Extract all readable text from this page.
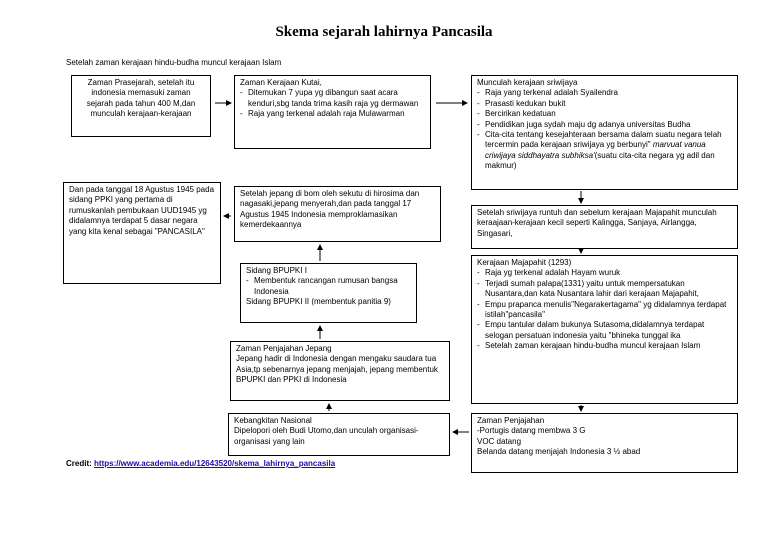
Skema sejarah lahirnya Pancasila
Setelah zaman kerajaan hindu-budha muncul kerajaan Islam
Zaman Prasejarah, setelah itu
indonesia memasuki zaman
sejarah pada tahun 400 M,dan
munculah kerajaan-kerajaan
Zaman Kerajaan Kutai,
- Ditemukan 7 yupa yg dibangun saat acara kenduri,sbg tanda trima kasih raja yg dermawan
- Raja yang terkenal adalah raja Mulawarman
Munculah kerajaan sriwijaya
- Raja yang terkenal adalah Syailendra
- Prasasti kedukan bukit
- Bercirikan kedatuan
- Pendidikan juga sydah maju dg adanya universitas Budha
- Cita-cita tentang kesejahteraan bersama dalam suatu negara telah tercermin pada kerajaan sriwijaya yg berbunyi" marvuat vanua criwijaya siddhayatra subhiksa'(suatu cita-cita negara yg adil dan makmur)
Setelah sriwijaya runtuh dan sebelum kerajaan Majapahit munculah keraajaan-kerajaan kecil seperti Kalingga, Sanjaya, Airlangga, Singasari,
Kerajaan Majapahit (1293)
- Raja yg terkenal adalah Hayam wuruk
- Terjadi sumah palapa(1331) yaitu untuk mempersatukan Nusantara,dan kata Nusantara lahir dari kerajaan Majapahit,
- Empu prapanca menulis"Negarakertagama" yg didalamnya terdapat istilah"pancasila"
- Empu tantular dalam bukunya Sutasoma,didalamnya terdapat selogan persatuan indonesia yaitu "bhineka tunggal ika
- Setelah zaman kerajaan hindu-budha muncul kerajaan Islam
Zaman Penjajahan
-Portugis datang membwa 3 G
VOC datang
Belanda datang menjajah Indonesia 3 ½ abad
Kebangkitan Nasional
Dipelopori oleh Budi Utomo,dan unculah organisasi-organisasi yang lain
Zaman Penjajahan Jepang
Jepang hadir di Indonesia dengan mengaku saudara tua Asia,tp sebenarnya jepang menjajah, jepang membentuk BPUPKI dan PPKI di Indonesia
Sidang BPUPKI I
- Membentuk rancangan rumusan bangsa Indonesia
Sidang BPUPKI II (membentuk panitia 9)
Setelah jepang di bom oleh sekutu di hirosima dan nagasaki,jepang menyerah,dan pada tanggal 17 Agustus 1945 Indonesia memproklamasikan kemerdekaannya
Dan pada tanggal 18 Agustus 1945 pada sidang PPKI yang pertama di rumuskanlah pembukaan UUD1945 yg didalamnya terdapat 5 dasar negara yang kita kenal sebagai "PANCASILA"
Credit: https://www.academia.edu/12643520/skema_lahirnya_pancasila
